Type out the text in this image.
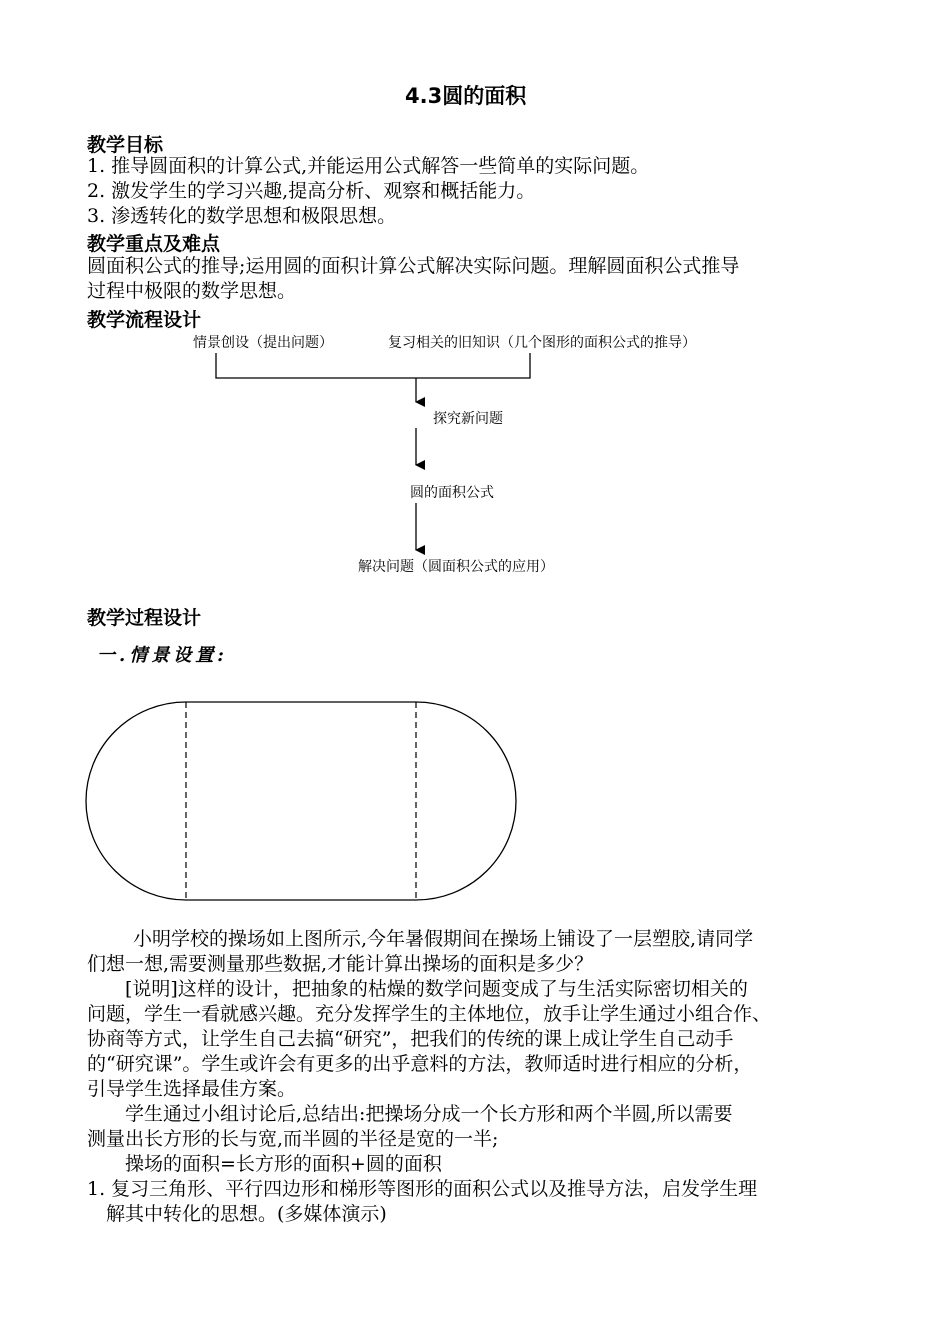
4.3圆的面积
教学目标
1. 推导圆面积的计算公式,并能运用公式解答一些简单的实际问题。
2. 激发学生的学习兴趣,提高分析、观察和概括能力。
3. 渗透转化的数学思想和极限思想。
教学重点及难点
圆面积公式的推导;运用圆的面积计算公式解决实际问题。理解圆面积公式推导
过程中极限的数学思想。
教学流程设计
情景创设（提出问题）	复习相关的旧知识（几个图形的面积公式的推导）
探究新问题
圆的面积公式
解决问题（圆面积公式的应用）
教学过程设计
一.情景设置:
小明学校的操场如上图所示,今年暑假期间在操场上铺设了一层塑胶,请同学
们想一想,需要测量那些数据,才能计算出操场的面积是多少？
[说明]这样的设计，把抽象的枯燥的数学问题变成了与生活实际密切相关的
问题，学生一看就感兴趣。充分发挥学生的主体地位，放手让学生通过小组合作、
协商等方式，让学生自己去搞“研究”，把我们的传统的课上成让学生自己动手
的“研究课”。学生或许会有更多的出乎意料的方法，教师适时进行相应的分析，
引导学生选择最佳方案。
学生通过小组讨论后,总结出:把操场分成一个长方形和两个半圆,所以需要
测量出长方形的长与宽,而半圆的半径是宽的一半;
操场的面积=长方形的面积+圆的面积
1. 复习三角形、平行四边形和梯形等图形的面积公式以及推导方法，启发学生理
解其中转化的思想。(多媒体演示)
